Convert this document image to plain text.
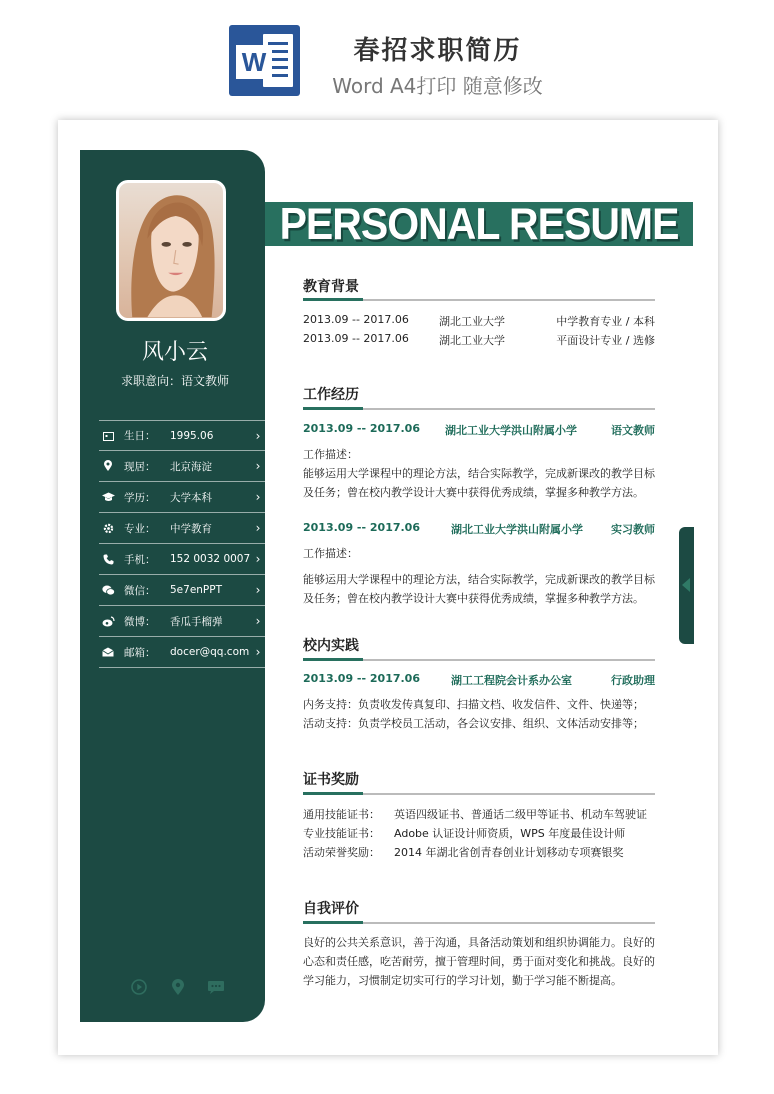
W	春招求职简历
Word A4打印 随意修改
风小云
求职意向：语文教师
生日：	1995.06	›
现居：	北京海淀	›
学历：	大学本科	›
专业：	中学教育	›
手机：	152 0032 0007 ›
微信：	5e7enPPT	›
微博：	香瓜手榴弹	›
邮箱：	docer@qq.com ›
PERSONAL RESUME
教育背景
2013.09 -- 2017.06	湖北工业大学	中学教育专业 / 本科
2013.09 -- 2017.06	湖北工业大学	平面设计专业 / 选修
工作经历
2013.09 -- 2017.06	湖北工业大学洪山附属小学	语文教师
工作描述：
能够运用大学课程中的理论方法，结合实际教学，完成新课改的教学目标及任务；曾在校内教学设计大赛中获得优秀成绩，掌握多种教学方法。
2013.09 -- 2017.06	湖北工业大学洪山附属小学	实习教师
工作描述：
能够运用大学课程中的理论方法，结合实际教学，完成新课改的教学目标及任务；曾在校内教学设计大赛中获得优秀成绩，掌握多种教学方法。
校内实践
2013.09 -- 2017.06	湖工工程院会计系办公室	行政助理
内务支持：负责收发传真复印、扫描文档、收发信件、文件、快递等；
活动支持：负责学校员工活动，各会议安排、组织、文体活动安排等；
证书奖励
通用技能证书：	英语四级证书、普通话二级甲等证书、机动车驾驶证
专业技能证书：	Adobe 认证设计师资质，WPS 年度最佳设计师
活动荣誉奖励：	2014 年湖北省创青春创业计划移动专项赛银奖
自我评价
良好的公共关系意识，善于沟通，具备活动策划和组织协调能力。良好的心态和责任感，吃苦耐劳，擅于管理时间，勇于面对变化和挑战。良好的学习能力，习惯制定切实可行的学习计划，勤于学习能不断提高。
